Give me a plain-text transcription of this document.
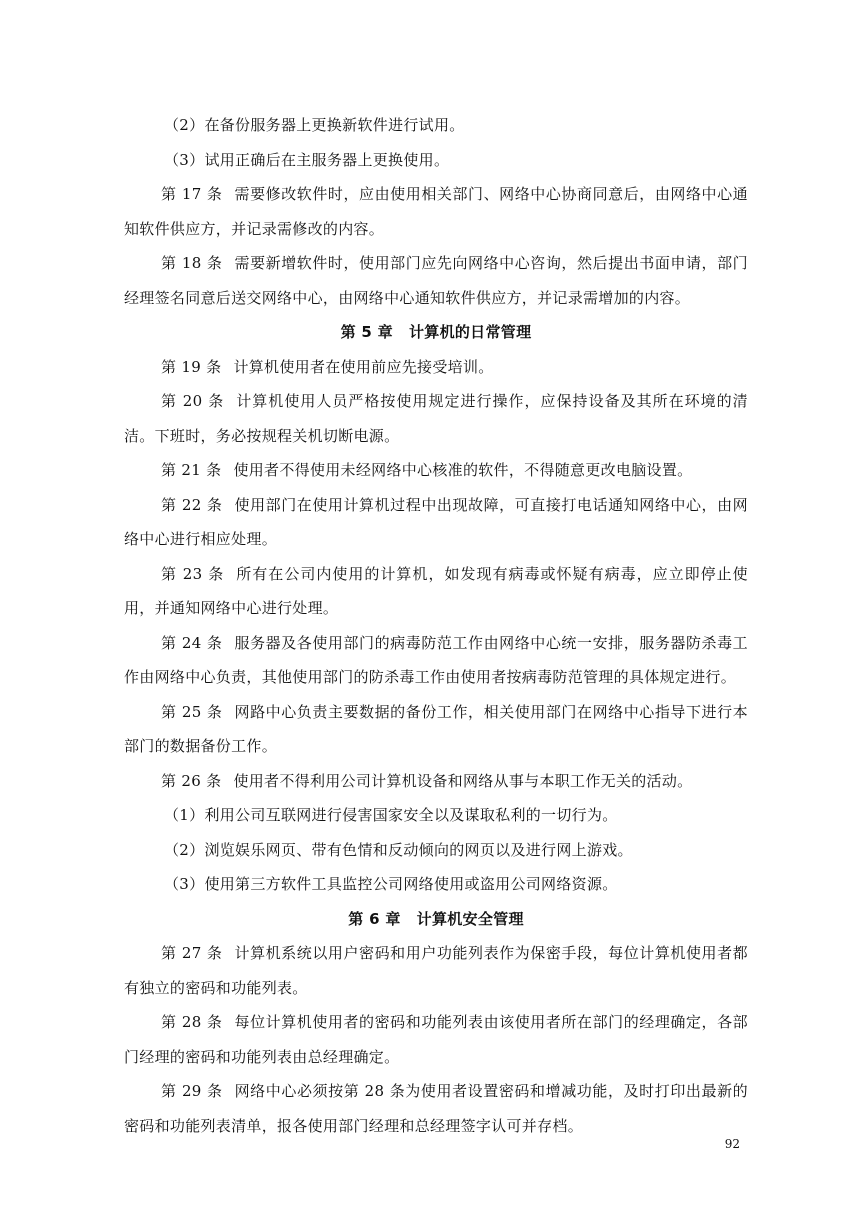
（2）在备份服务器上更换新软件进行试用。

（3）试用正确后在主服务器上更换使用。

第 17 条 需要修改软件时，应由使用相关部门、网络中心协商同意后，由网络中心通知软件供应方，并记录需修改的内容。

第 18 条 需要新增软件时，使用部门应先向网络中心咨询，然后提出书面申请，部门经理签名同意后送交网络中心，由网络中心通知软件供应方，并记录需增加的内容。

第 5 章 计算机的日常管理

第 19 条 计算机使用者在使用前应先接受培训。

第 20 条 计算机使用人员严格按使用规定进行操作，应保持设备及其所在环境的清洁。下班时，务必按规程关机切断电源。

第 21 条 使用者不得使用未经网络中心核准的软件，不得随意更改电脑设置。

第 22 条 使用部门在使用计算机过程中出现故障，可直接打电话通知网络中心，由网络中心进行相应处理。

第 23 条 所有在公司内使用的计算机，如发现有病毒或怀疑有病毒，应立即停止使用，并通知网络中心进行处理。

第 24 条 服务器及各使用部门的病毒防范工作由网络中心统一安排，服务器防杀毒工作由网络中心负责，其他使用部门的防杀毒工作由使用者按病毒防范管理的具体规定进行。

第 25 条 网路中心负责主要数据的备份工作，相关使用部门在网络中心指导下进行本部门的数据备份工作。

第 26 条 使用者不得利用公司计算机设备和网络从事与本职工作无关的活动。

（1）利用公司互联网进行侵害国家安全以及谋取私利的一切行为。

（2）浏览娱乐网页、带有色情和反动倾向的网页以及进行网上游戏。

（3）使用第三方软件工具监控公司网络使用或盗用公司网络资源。

第 6 章 计算机安全管理

第 27 条 计算机系统以用户密码和用户功能列表作为保密手段，每位计算机使用者都有独立的密码和功能列表。

第 28 条 每位计算机使用者的密码和功能列表由该使用者所在部门的经理确定，各部门经理的密码和功能列表由总经理确定。

第 29 条 网络中心必须按第 28 条为使用者设置密码和增减功能，及时打印出最新的密码和功能列表清单，报各使用部门经理和总经理签字认可并存档。

92
